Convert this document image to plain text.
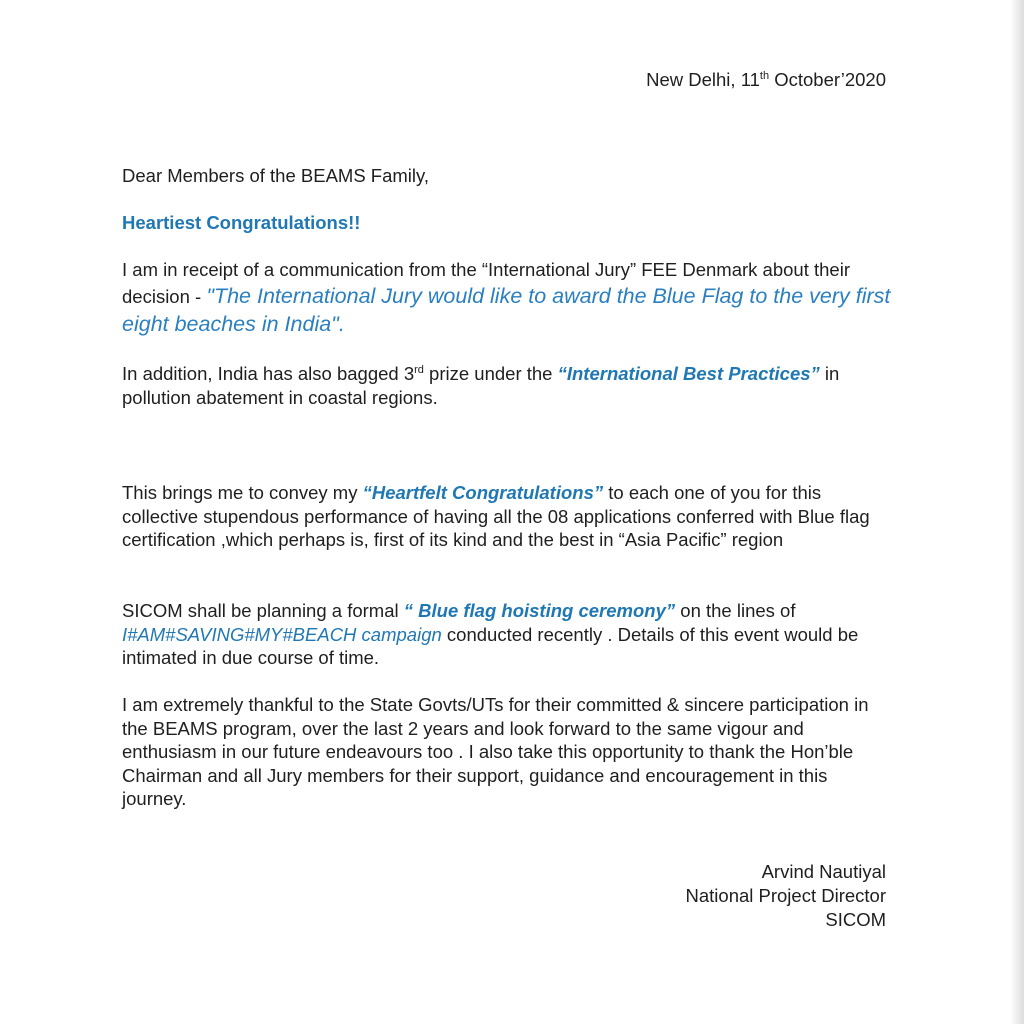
New Delhi, 11th October’2020

Dear Members of the BEAMS Family,

Heartiest Congratulations!!

I am in receipt of a communication from the “International Jury” FEE Denmark about their decision - "The International Jury would like to award the Blue Flag to the very first eight beaches in India".

In addition, India has also bagged 3rd prize under the “International Best Practices” in pollution abatement in coastal regions.

This brings me to convey my “Heartfelt Congratulations” to each one of you for this collective stupendous performance of having all the 08 applications conferred with Blue flag certification ,which perhaps is, first of its kind and the best in “Asia Pacific” region

SICOM shall be planning a formal “ Blue flag hoisting ceremony” on the lines of I#AM#SAVING#MY#BEACH campaign conducted recently . Details of this event would be intimated in due course of time.

I am extremely thankful to the State Govts/UTs for their committed & sincere participation in the BEAMS program, over the last 2 years and look forward to the same vigour and enthusiasm in our future endeavours too . I also take this opportunity to thank the Hon’ble Chairman and all Jury members for their support, guidance and encouragement in this journey.

Arvind Nautiyal
National Project Director
SICOM
